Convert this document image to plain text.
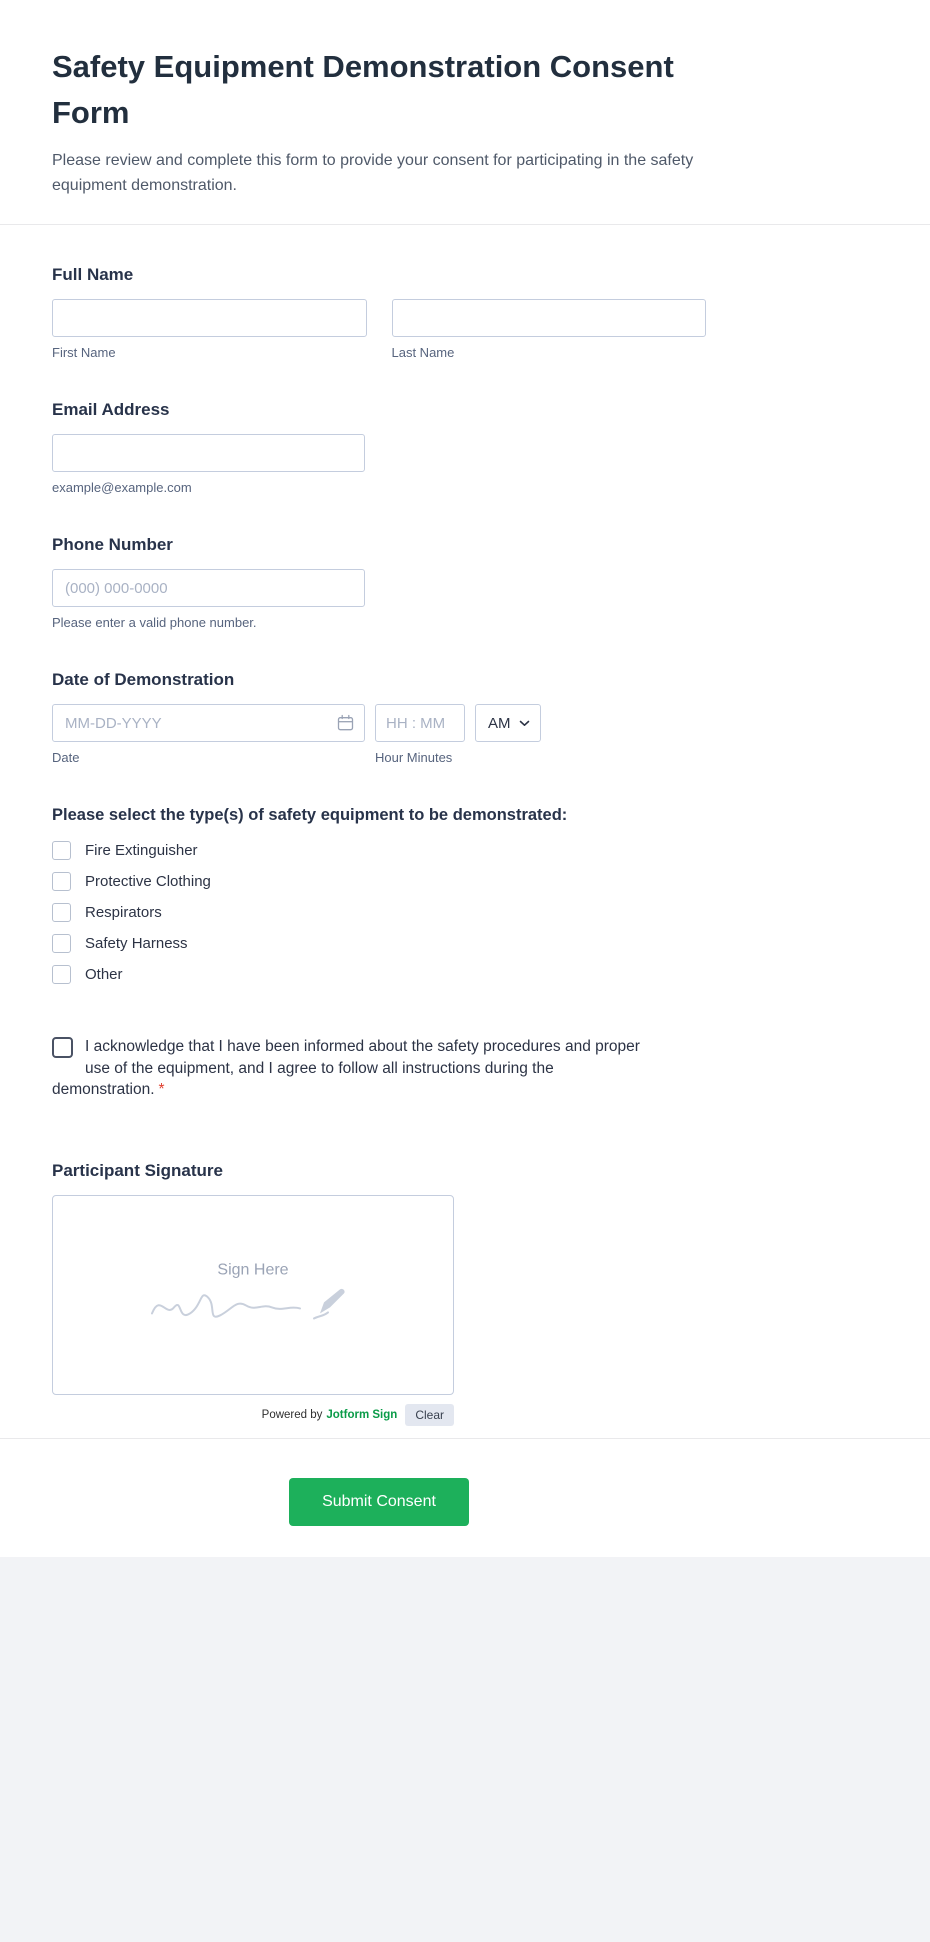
Safety Equipment Demonstration Consent Form

Please review and complete this form to provide your consent for participating in the safety equipment demonstration.

Full Name
First Name	Last Name
Email Address
example@example.com
Phone Number
(000) 000-0000
Please enter a valid phone number.
Date of Demonstration
MM-DD-YYYY
HH : MM
AM
Date	Hour Minutes
Please select the type(s) of safety equipment to be demonstrated:
Fire Extinguisher
Protective Clothing
Respirators
Safety Harness
Other
I acknowledge that I have been informed about the safety procedures and proper use of the equipment, and I agree to follow all instructions during the demonstration. *
Participant Signature
Sign Here
Powered by Jotform Sign	Clear
Submit Consent
